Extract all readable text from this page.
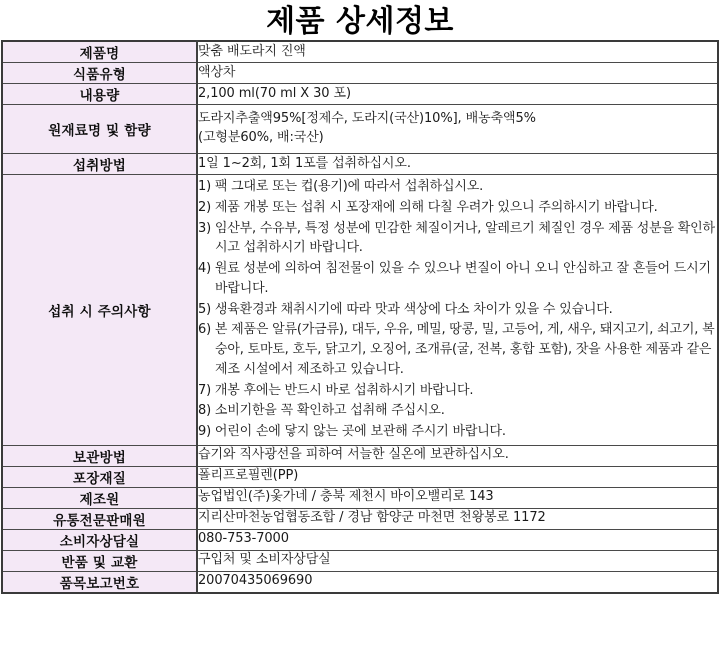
제품 상세정보
제품명	맞춤 배도라지 진액

식품유형	액상차

내용량	2,100 ml(70 ml X 30 포)

원재료명 및 함량	도라지추출액95%[정제수, 도라지(국산)10%], 배농축액5%
(고형분60%, 배:국산)

섭취방법	1일 1~2회, 1회 1포를 섭취하십시오.

섭취 시 주의사항	
1) 팩 그대로 또는 컵(용기)에 따라서 섭취하십시오.
2) 제품 개봉 또는 섭취 시 포장재에 의해 다칠 우려가 있으니 주의하시기 바랍니다.
3) 임산부, 수유부, 특정 성분에 민감한 체질이거나, 알레르기 체질인 경우 제품 성분을 확인하시고 섭취하시기 바랍니다.
4) 원료 성분에 의하여 침전물이 있을 수 있으나 변질이 아니 오니 안심하고 잘 흔들어 드시기 바랍니다.
5) 생육환경과 채취시기에 따라 맛과 색상에 다소 차이가 있을 수 있습니다.
6) 본 제품은 알류(가금류), 대두, 우유, 메밀, 땅콩, 밀, 고등어, 게, 새우, 돼지고기, 쇠고기, 복숭아, 토마토, 호두, 닭고기, 오징어, 조개류(굴, 전복, 홍합 포함), 잣을 사용한 제품과 같은 제조 시설에서 제조하고 있습니다.
7) 개봉 후에는 반드시 바로 섭취하시기 바랍니다.
8) 소비기한을 꼭 확인하고 섭취해 주십시오.
9) 어린이 손에 닿지 않는 곳에 보관해 주시기 바랍니다.

보관방법	습기와 직사광선을 피하여 서늘한 실온에 보관하십시오.

포장재질	폴리프로필렌(PP)

제조원	농업법인(주)옻가네 / 충북 제천시 바이오밸리로 143

유통전문판매원	지리산마천농업협동조합 / 경남 함양군 마천면 천왕봉로 1172

소비자상담실	080-753-7000

반품 및 교환	구입처 및 소비자상담실

품목보고번호	20070435069690
